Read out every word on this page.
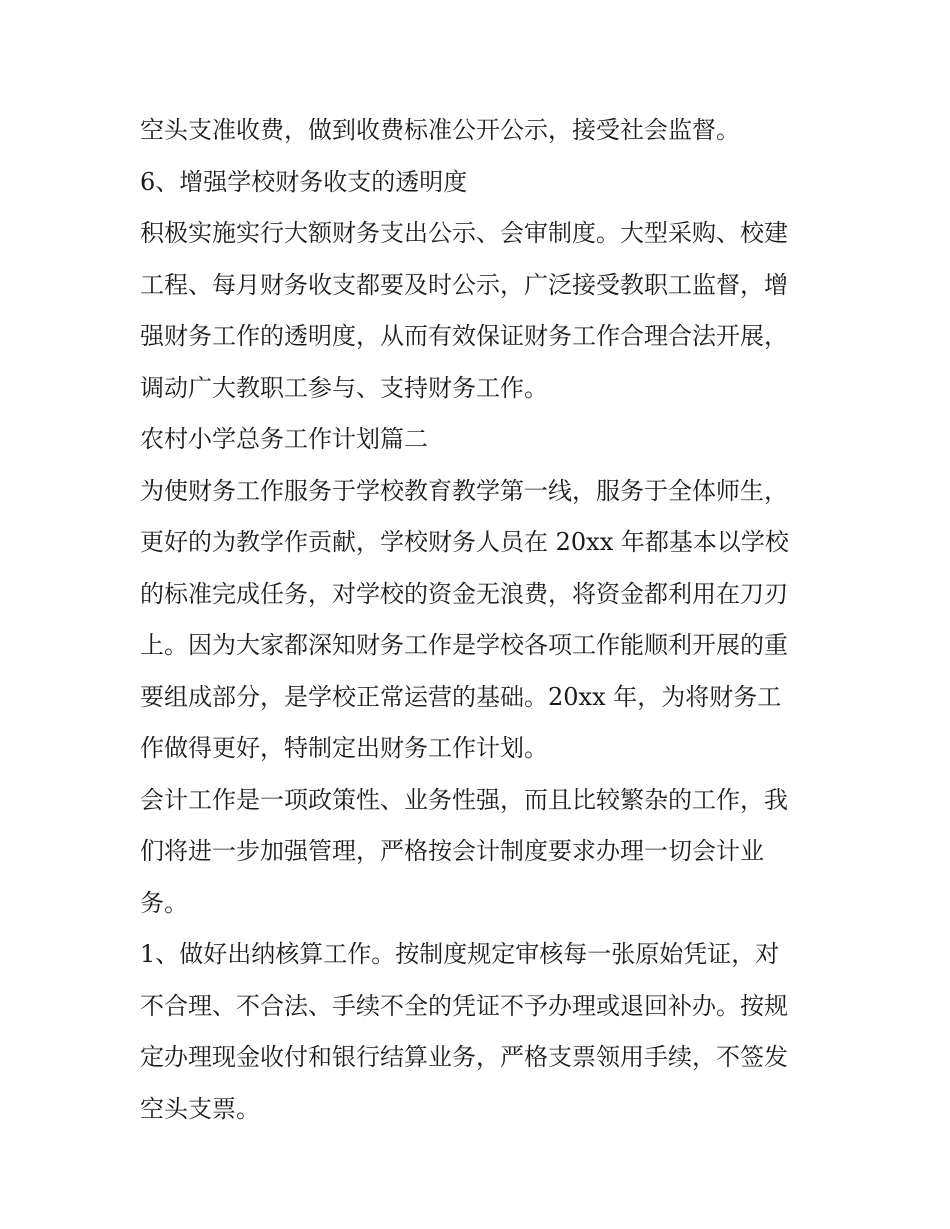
空头支准收费，做到收费标准公开公示，接受社会监督。

6、增强学校财务收支的透明度

积极实施实行大额财务支出公示、会审制度。大型采购、校建
工程、每月财务收支都要及时公示，广泛接受教职工监督，增
强财务工作的透明度，从而有效保证财务工作合理合法开展，
调动广大教职工参与、支持财务工作。

农村小学总务工作计划篇二

为使财务工作服务于学校教育教学第一线，服务于全体师生，
更好的为教学作贡献，学校财务人员在 20xx 年都基本以学校
的标准完成任务，对学校的资金无浪费，将资金都利用在刀刃
上。因为大家都深知财务工作是学校各项工作能顺利开展的重
要组成部分，是学校正常运营的基础。20xx 年，为将财务工
作做得更好，特制定出财务工作计划。

会计工作是一项政策性、业务性强，而且比较繁杂的工作，我
们将进一步加强管理，严格按会计制度要求办理一切会计业
务。

1、做好出纳核算工作。按制度规定审核每一张原始凭证，对
不合理、不合法、手续不全的凭证不予办理或退回补办。按规
定办理现金收付和银行结算业务，严格支票领用手续，不签发
空头支票。
